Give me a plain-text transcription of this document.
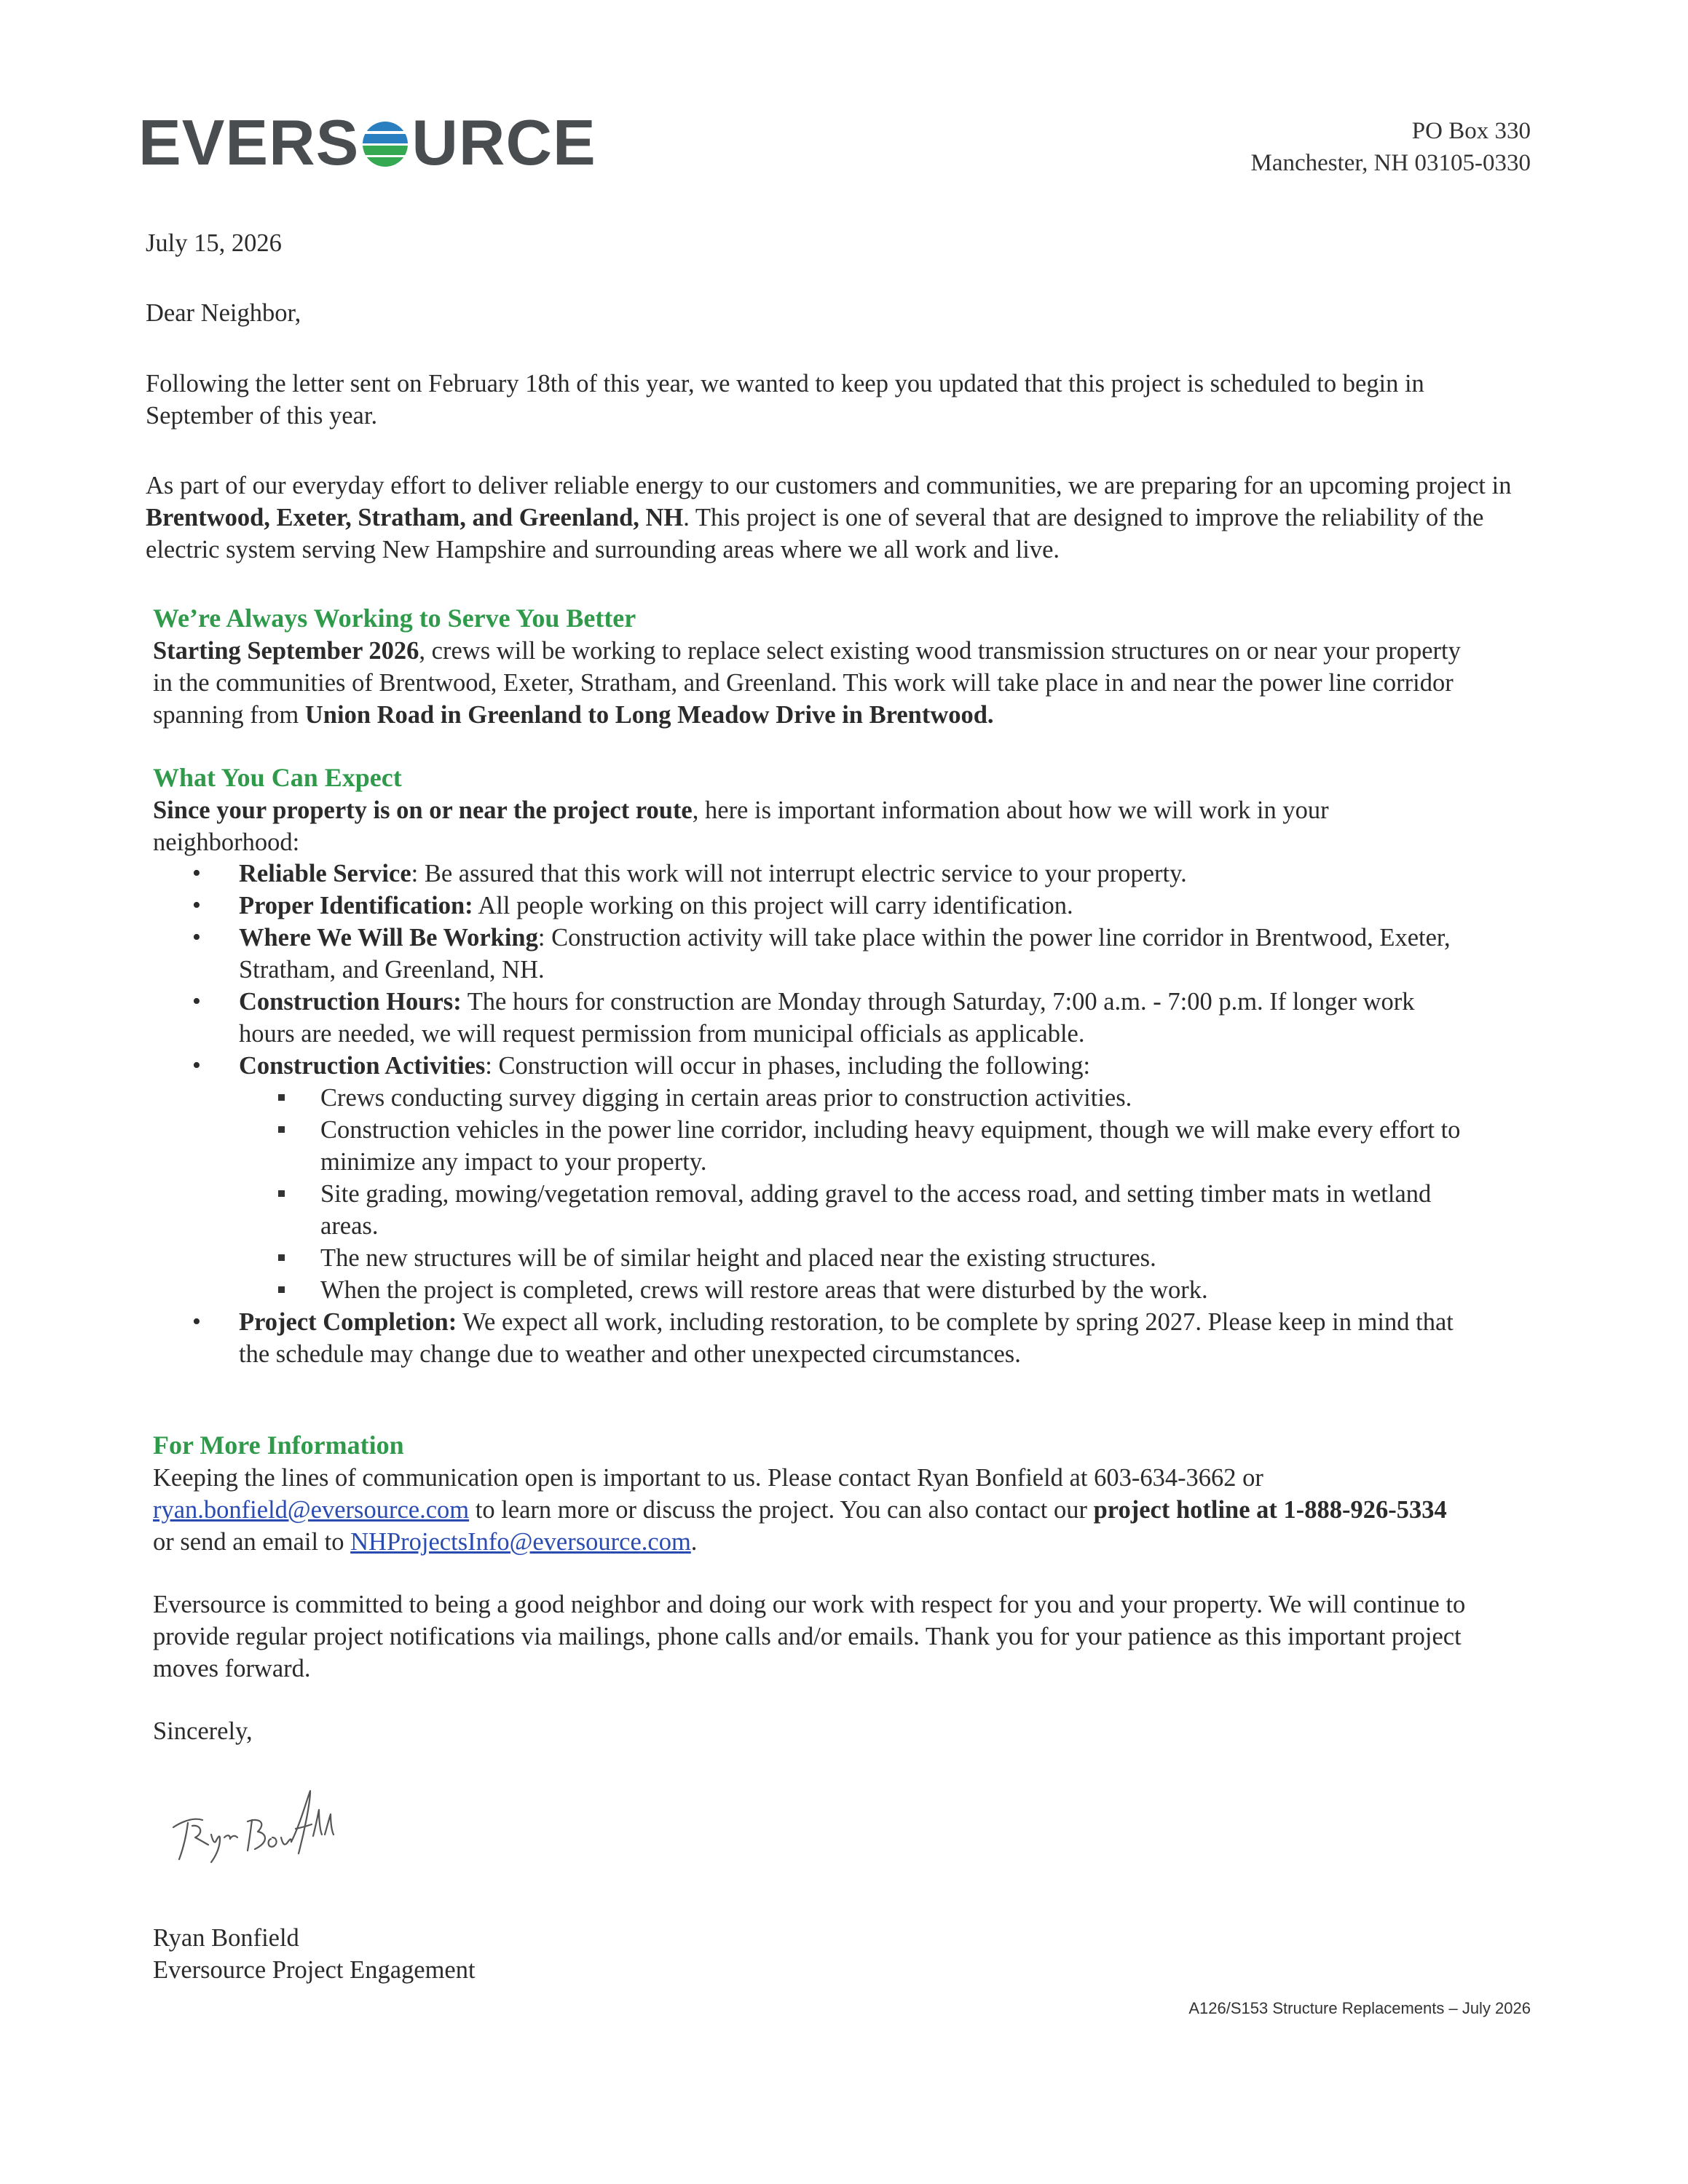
EVERS URCE	PO Box 330
Manchester, NH 03105-0330
July 15, 2026
Dear Neighbor,

Following the letter sent on February 18th of this year, we wanted to keep you updated that this project is scheduled to begin in September of this year.

As part of our everyday effort to deliver reliable energy to our customers and communities, we are preparing for an upcoming project in Brentwood, Exeter, Stratham, and Greenland, NH. This project is one of several that are designed to improve the reliability of the electric system serving New Hampshire and surrounding areas where we all work and live.

We’re Always Working to Serve You Better

Starting September 2026, crews will be working to replace select existing wood transmission structures on or near your property in the communities of Brentwood, Exeter, Stratham, and Greenland. This work will take place in and near the power line corridor spanning from Union Road in Greenland to Long Meadow Drive in Brentwood.

What You Can Expect

Since your property is on or near the project route, here is important information about how we will work in your neighborhood:

• Reliable Service: Be assured that this work will not interrupt electric service to your property.
• Proper Identification: All people working on this project will carry identification.
• Where We Will Be Working: Construction activity will take place within the power line corridor in Brentwood, Exeter, Stratham, and Greenland, NH.
• Construction Hours: The hours for construction are Monday through Saturday, 7:00 a.m. - 7:00 p.m. If longer work hours are needed, we will request permission from municipal officials as applicable.
• Construction Activities: Construction will occur in phases, including the following:
Crews conducting survey digging in certain areas prior to construction activities.
Construction vehicles in the power line corridor, including heavy equipment, though we will make every effort to minimize any impact to your property.
Site grading, mowing/vegetation removal, adding gravel to the access road, and setting timber mats in wetland areas.
The new structures will be of similar height and placed near the existing structures.
When the project is completed, crews will restore areas that were disturbed by the work.
• Project Completion: We expect all work, including restoration, to be complete by spring 2027. Please keep in mind that the schedule may change due to weather and other unexpected circumstances.
For More Information

Keeping the lines of communication open is important to us. Please contact Ryan Bonfield at 603-634-3662 or ryan.bonfield@eversource.com to learn more or discuss the project. You can also contact our project hotline at 1-888-926-5334 or send an email to NHProjectsInfo@eversource.com.

Eversource is committed to being a good neighbor and doing our work with respect for you and your property. We will continue to provide regular project notifications via mailings, phone calls and/or emails. Thank you for your patience as this important project moves forward.

Sincerely,
Ryan Bonfield
Eversource Project Engagement
A126/S153 Structure Replacements – July 2026
